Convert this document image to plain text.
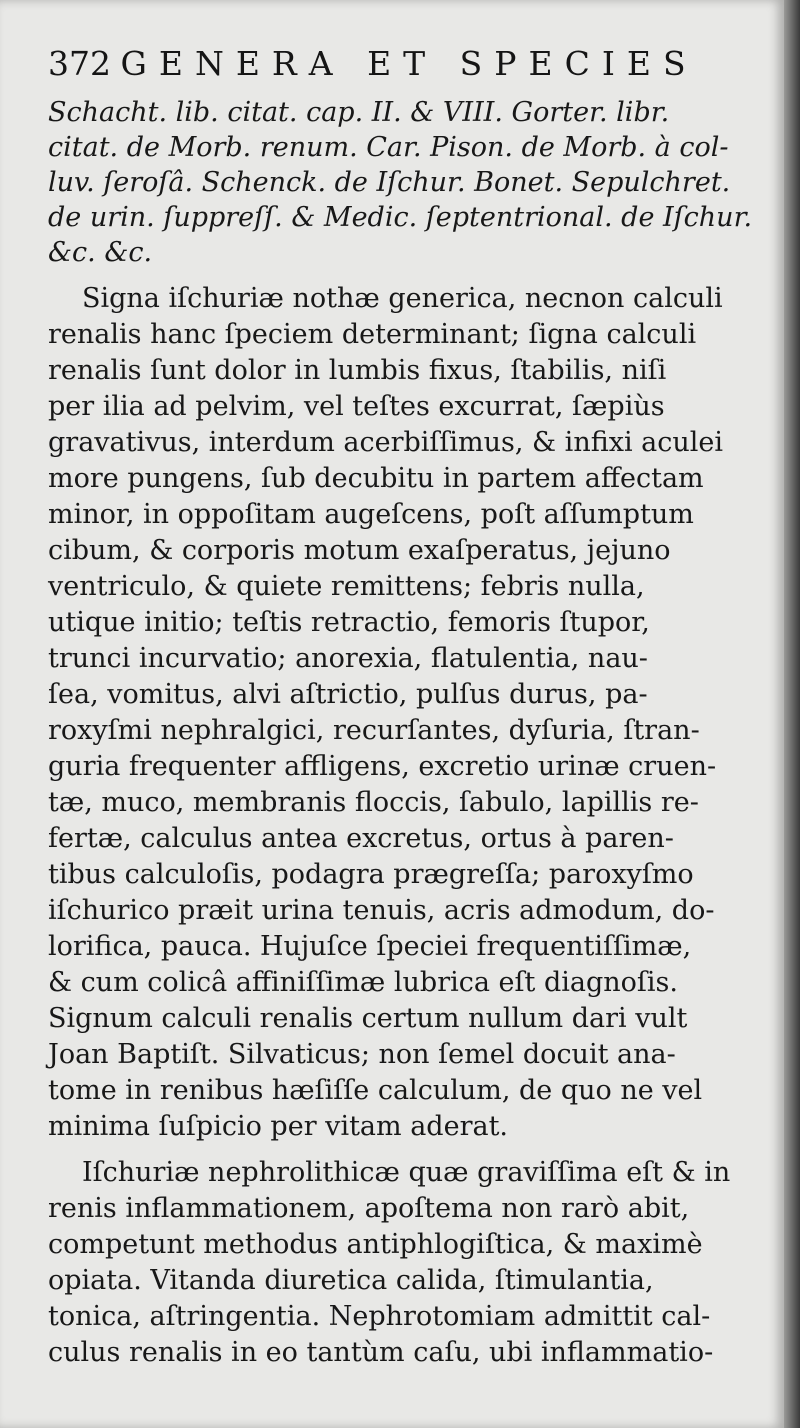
372 GENERA ET SPECIES
Schacht. lib. citat. cap. II. & VIII. Gorter. libr.
citat. de Morb. renum. Car. Pison. de Morb. à col-
luv. ſeroſâ. Schenck. de Iſchur. Bonet. Sepulchret.
de urin. ſuppreſſ. & Medic. ſeptentrional. de Iſchur.
&c. &c.
Signa iſchuriæ nothæ generica, necnon calculi
renalis hanc ſpeciem determinant; ſigna calculi
renalis ſunt dolor in lumbis fixus, ſtabilis, niſi
per ilia ad pelvim, vel teſtes excurrat, ſæpiùs
gravativus, interdum acerbiſſimus, & infixi aculei
more pungens, ſub decubitu in partem affectam
minor, in oppoſitam augeſcens, poſt aſſumptum
cibum, & corporis motum exaſperatus, jejuno
ventriculo, & quiete remittens; febris nulla,
utique initio; teſtis retractio, femoris ſtupor,
trunci incurvatio; anorexia, flatulentia, nau-
ſea, vomitus, alvi aſtrictio, pulſus durus, pa-
roxyſmi nephralgici, recurſantes, dyſuria, ſtran-
guria frequenter affligens, excretio urinæ cruen-
tæ, muco, membranis floccis, ſabulo, lapillis re-
fertæ, calculus antea excretus, ortus à paren-
tibus calculoſis, podagra prægreſſa; paroxyſmo
iſchurico præit urina tenuis, acris admodum, do-
lorifica, pauca. Hujuſce ſpeciei frequentiſſimæ,
& cum colicâ affiniſſimæ lubrica eſt diagnoſis.
Signum calculi renalis certum nullum dari vult
Joan Baptiſt. Silvaticus; non ſemel docuit ana-
tome in renibus hæſiſſe calculum, de quo ne vel
minima ſuſpicio per vitam aderat.
Iſchuriæ nephrolithicæ quæ graviſſima eſt & in
renis inflammationem, apoſtema non rarò abit,
competunt methodus antiphlogiſtica, & maximè
opiata. Vitanda diuretica calida, ſtimulantia,
tonica, aſtringentia. Nephrotomiam admittit cal-
culus renalis in eo tantùm caſu, ubi inflammatio-
